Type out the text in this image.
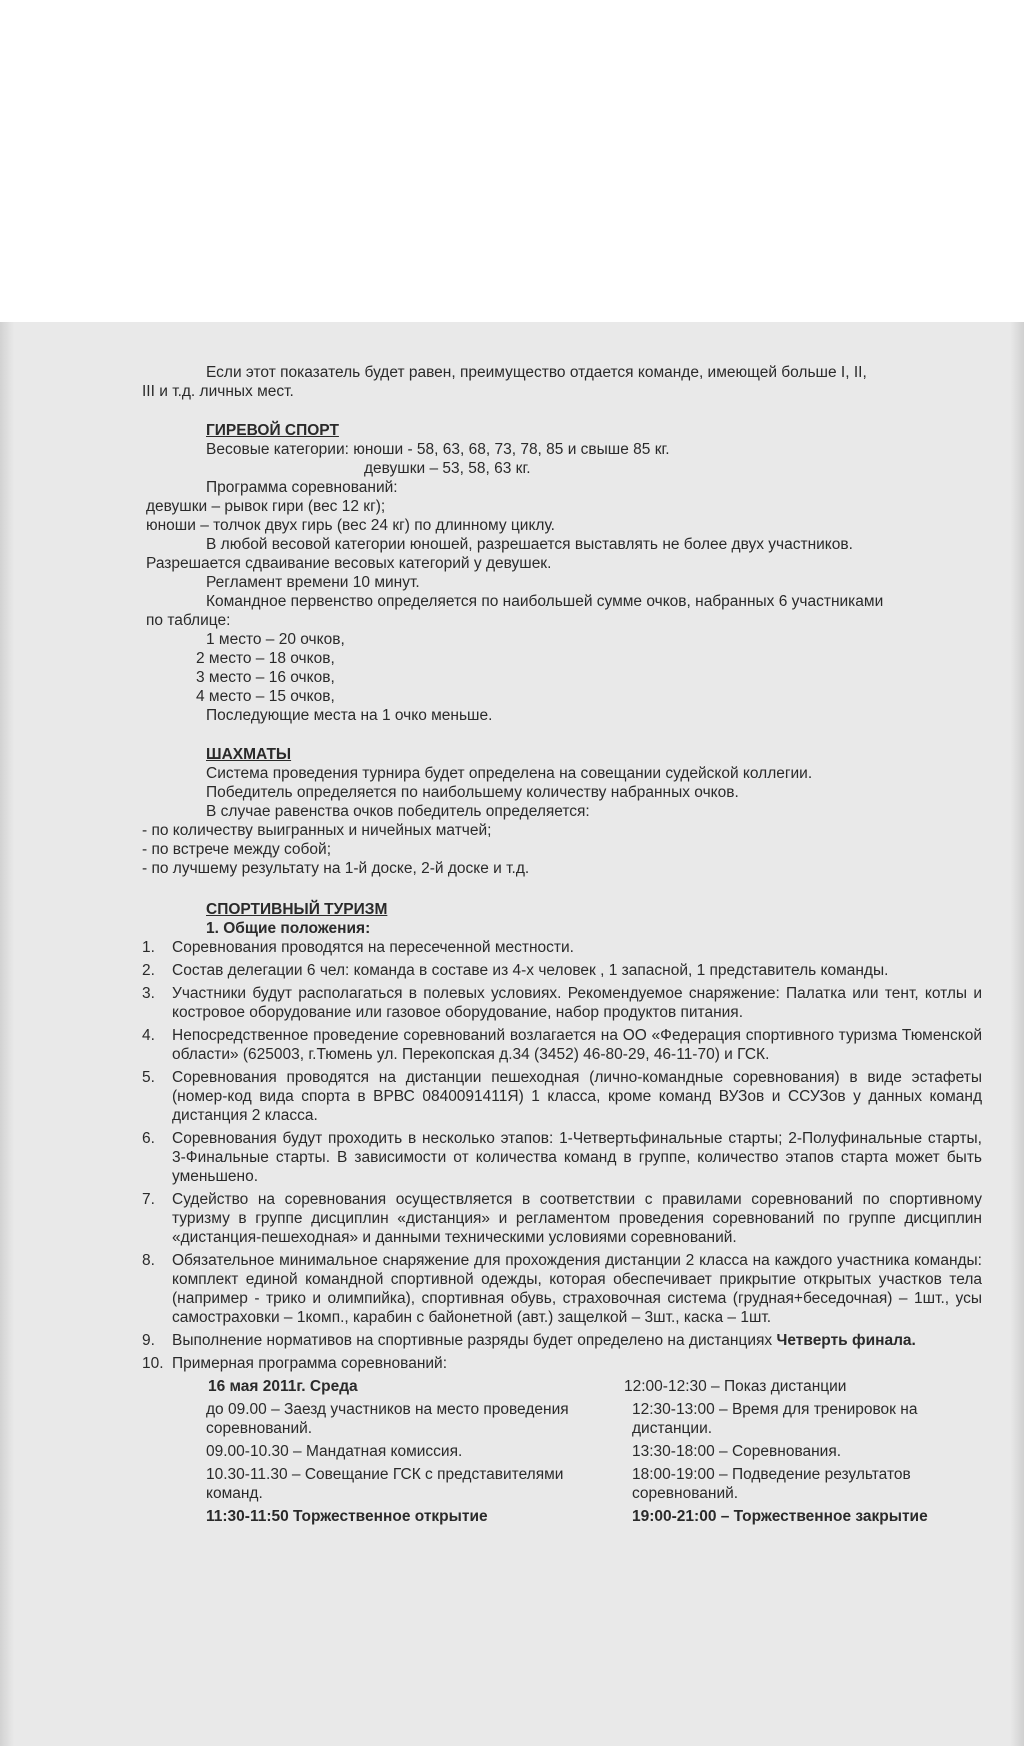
Если этот показатель будет равен, преимущество отдается команде, имеющей больше I, II,

III и т.д. личных мест.

ГИРЕВОЙ СПОРТ

Весовые категории: юноши - 58, 63, 68, 73, 78, 85 и свыше 85 кг.

девушки – 53, 58, 63 кг.

Программа соревнований:

девушки – рывок гири (вес 12 кг);

юноши – толчок двух гирь (вес 24 кг) по длинному циклу.

В любой весовой категории юношей, разрешается выставлять не более двух участников.

Разрешается сдваивание весовых категорий у девушек.

Регламент времени 10 минут.

Командное первенство определяется по наибольшей сумме очков, набранных 6 участниками

по таблице:

1 место – 20 очков,

2 место – 18 очков,

3 место – 16 очков,

4 место – 15 очков,

Последующие места на 1 очко меньше.

ШАХМАТЫ

Система проведения турнира будет определена на совещании судейской коллегии.

Победитель определяется по наибольшему количеству набранных очков.

В случае равенства очков победитель определяется:

- по количеству выигранных и ничейных матчей;

- по встрече между собой;

- по лучшему результату на 1-й доске, 2-й доске и т.д.

СПОРТИВНЫЙ ТУРИЗМ

1. Общие положения:

1. Соревнования проводятся на пересеченной местности.
2. Состав делегации 6 чел: команда в составе из 4-х человек , 1 запасной, 1 представитель команды.
3. Участники будут располагаться в полевых условиях. Рекомендуемое снаряжение: Палатка или тент, котлы и костровое оборудование или газовое оборудование, набор продуктов питания.
4. Непосредственное проведение соревнований возлагается на ОО «Федерация спортивного туризма Тюменской области» (625003, г.Тюмень ул. Перекопская д.34 (3452) 46-80-29, 46-11-70) и ГСК.
5. Соревнования проводятся на дистанции пешеходная (лично-командные соревнования) в виде эстафеты (номер-код вида спорта в ВРВС 0840091411Я) 1 класса, кроме команд ВУЗов и ССУЗов у данных команд дистанция 2 класса.
6. Соревнования будут проходить в несколько этапов: 1-Четвертьфинальные старты; 2-Полуфинальные старты, 3-Финальные старты. В зависимости от количества команд в группе, количество этапов старта может быть уменьшено.
7. Судейство на соревнования осуществляется в соответствии с правилами соревнований по спортивному туризму в группе дисциплин «дистанция» и регламентом проведения соревнований по группе дисциплин «дистанция-пешеходная» и данными техническими условиями соревнований.
8. Обязательное минимальное снаряжение для прохождения дистанции 2 класса на каждого участника команды: комплект единой командной спортивной одежды, которая обеспечивает прикрытие открытых участков тела (например - трико и олимпийка), спортивная обувь, страховочная система (грудная+беседочная) – 1шт., усы самостраховки – 1комп., карабин с байонетной (авт.) защелкой – 3шт., каска – 1шт.
9. Выполнение нормативов на спортивные разряды будет определено на дистанциях Четверть финала.
10. Примерная программа соревнований:

16 мая 2011г. Среда

до 09.00 – Заезд участников на место проведения соревнований.

09.00-10.30 – Мандатная комиссия.

10.30-11.30 – Совещание ГСК с представителями команд.

11:30-11:50 Торжественное открытие

12:00-12:30 – Показ дистанции

12:30-13:00 – Время для тренировок на дистанции.

13:30-18:00 – Соревнования.

18:00-19:00 – Подведение результатов соревнований.

19:00-21:00 – Торжественное закрытие
